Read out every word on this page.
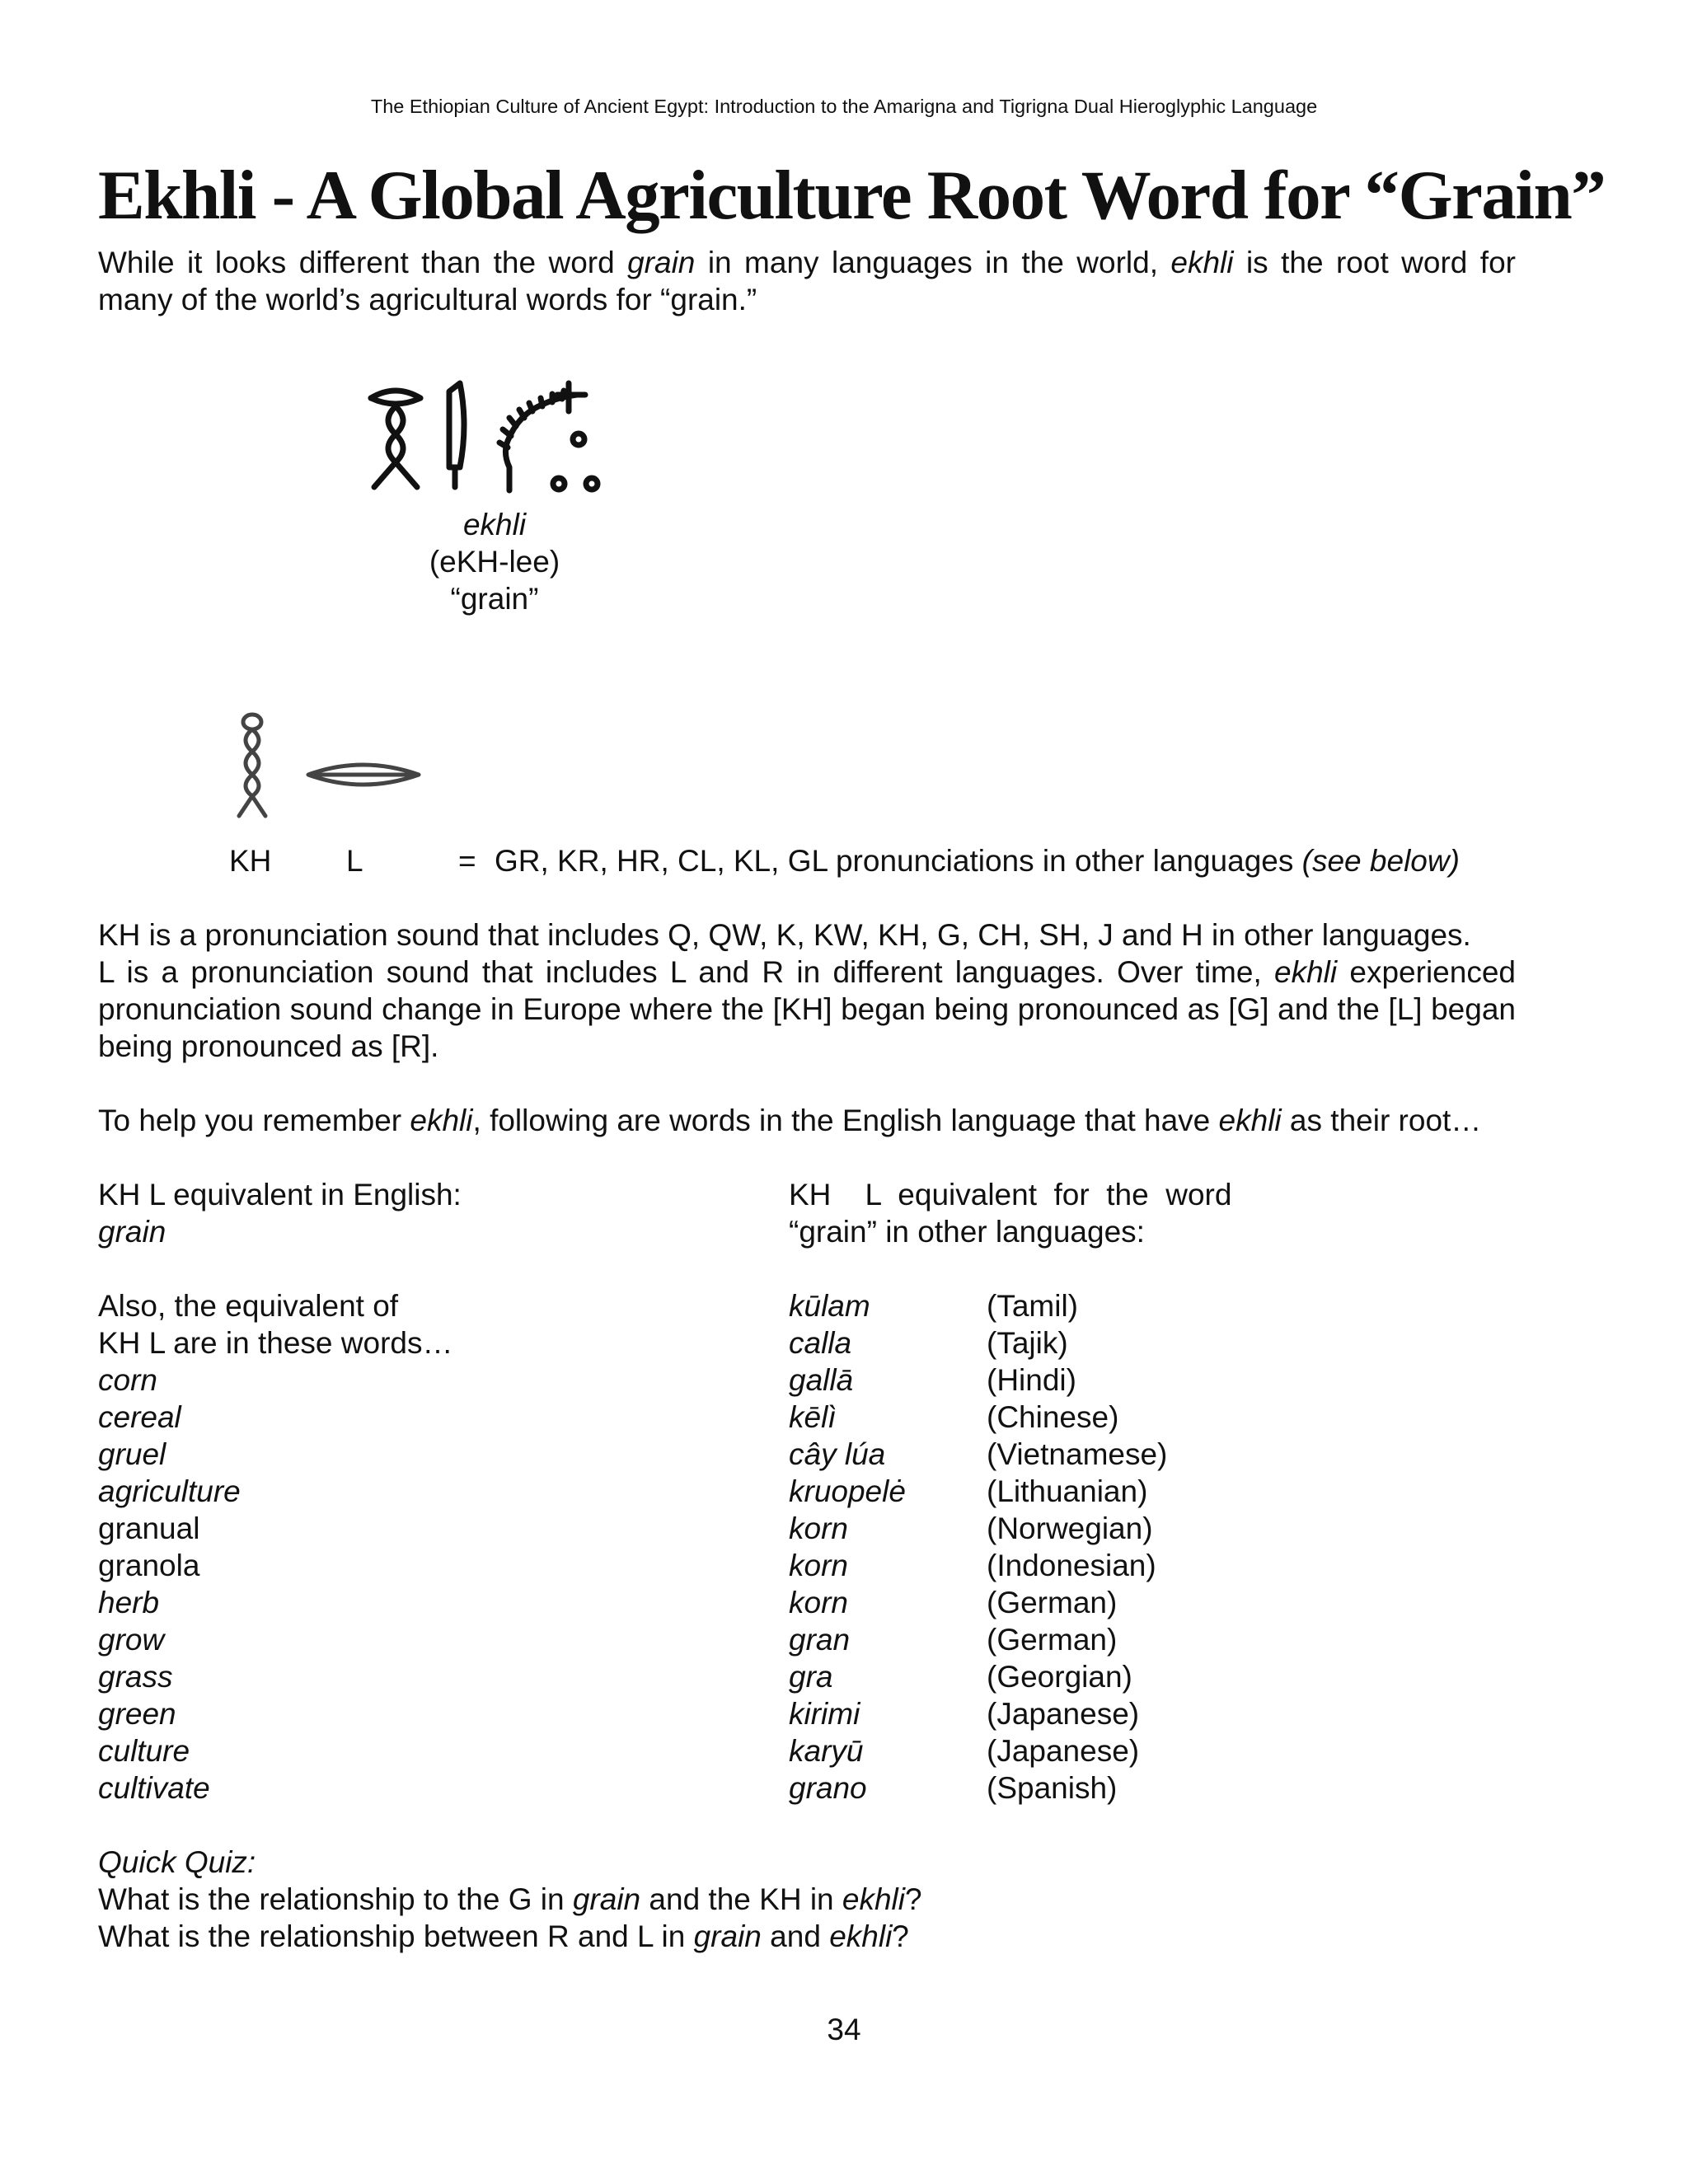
The Ethiopian Culture of Ancient Egypt: Introduction to the Amarigna and Tigrigna Dual Hieroglyphic Language
Ekhli - A Global Agriculture Root Word for “Grain”
While it looks different than the word grain in many languages in the world, ekhli is the root word for many of the world’s agricultural words for “grain.”
ekhli
(eKH-lee)
“grain”
KH L	= GR, KR, HR, CL, KL, GL pronunciations in other languages (see below)
KH is a pronunciation sound that includes Q, QW, K, KW, KH, G, CH, SH, J and H in other languages.
L is a pronunciation sound that includes L and R in different languages. Over time, ekhli experienced pronunciation sound change in Europe where the [KH] began being pronounced as [G] and the [L] began being pronounced as [R].
To help you remember ekhli, following are words in the English language that have ekhli as their root…
KH L equivalent in English:
grain
Also, the equivalent of
KH L are in these words…
corn
cereal
gruel
agriculture
granual
granola
herb
grow
grass
green
culture
cultivate
KH    L  equivalent  for  the  word
“grain” in other languages:
kūlam	(Tamil)
calla	(Tajik)
gallā	(Hindi)
kēlì	(Chinese)
cây lúa	(Vietnamese)
kruopelė	(Lithuanian)
korn	(Norwegian)
korn	(Indonesian)
korn	(German)
gran	(German)
gra	(Georgian)
kirimi	(Japanese)
karyū	(Japanese)
grano	(Spanish)
Quick Quiz:
What is the relationship to the G in grain and the KH in ekhli?
What is the relationship between R and L in grain and ekhli?
34
